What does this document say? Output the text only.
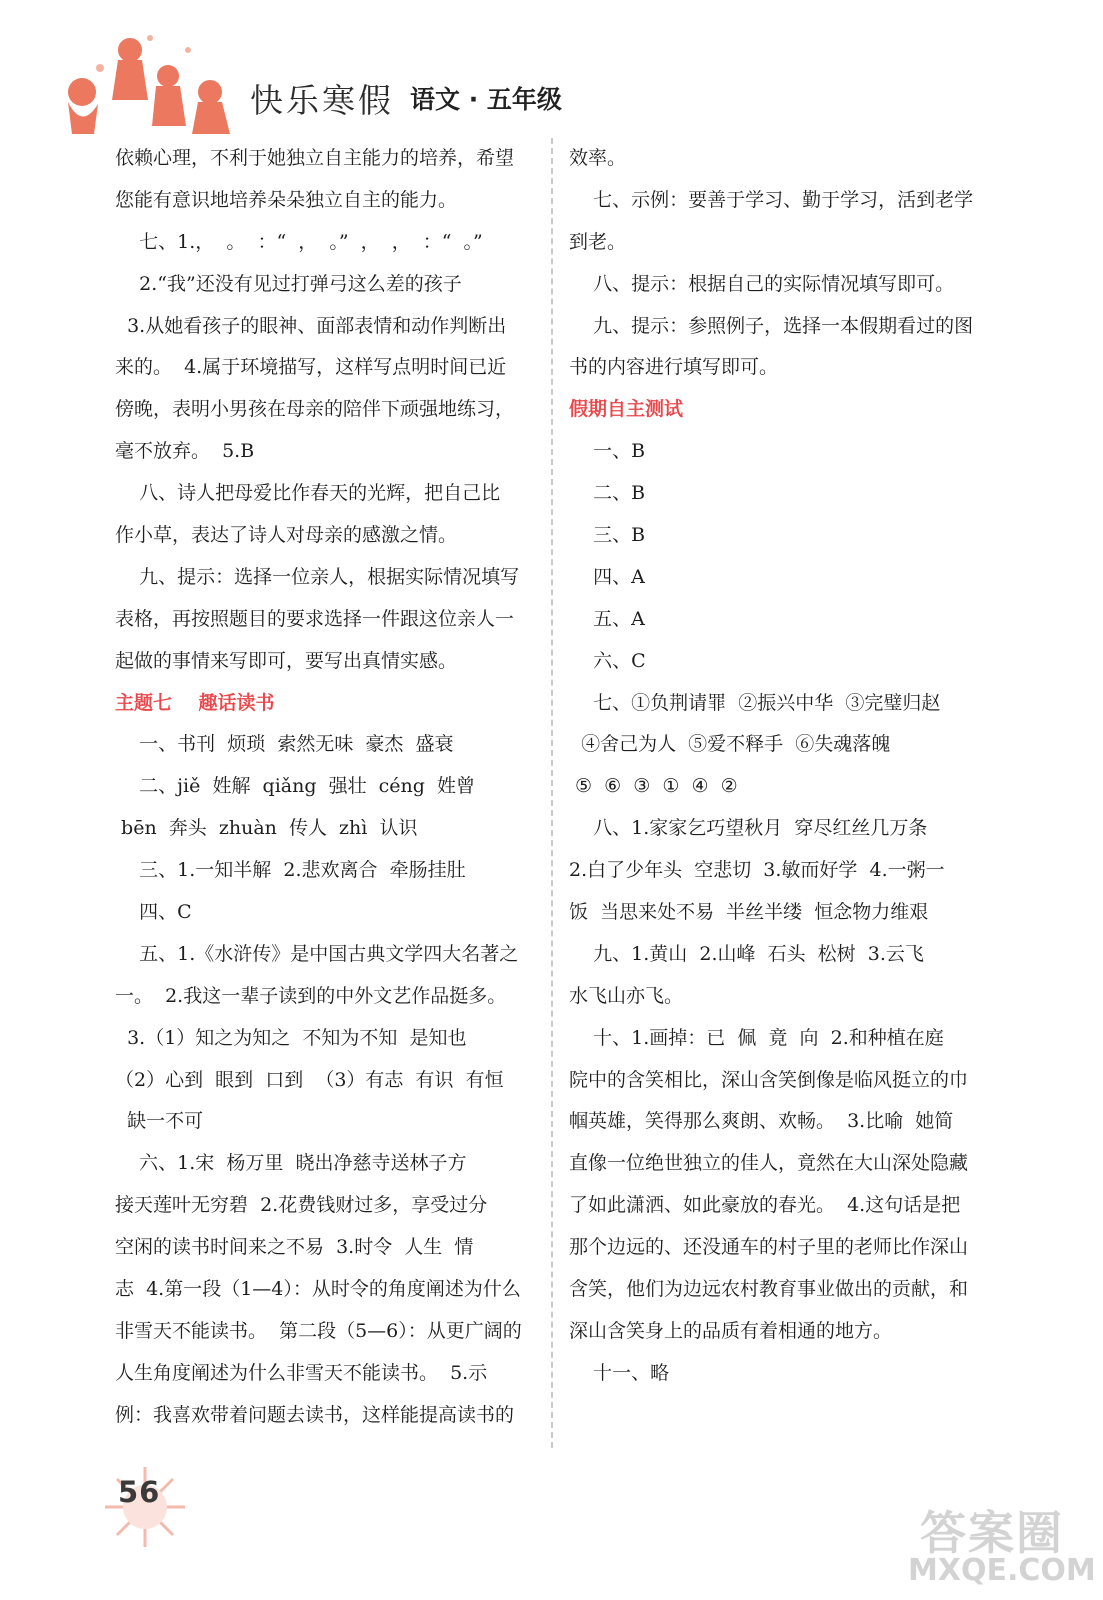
快乐寒假 语文 · 五年级
依赖心理，不利于她独立自主能力的培养，希望
您能有意识地培养朵朵独立自主的能力。
七、1.，  。  ：“  ，  。”  ，  ，  ：“  。”
2.“我”还没有见过打弹弓这么差的孩子
3.从她看孩子的眼神、面部表情和动作判断出
来的。  4.属于环境描写，这样写点明时间已近
傍晚，表明小男孩在母亲的陪伴下顽强地练习，
毫不放弃。  5.B
八、诗人把母爱比作春天的光辉，把自己比
作小草，表达了诗人对母亲的感激之情。
九、提示：选择一位亲人，根据实际情况填写
表格，再按照题目的要求选择一件跟这位亲人一
起做的事情来写即可，要写出真情实感。
主题七    趣话读书
一、书刊  烦琐  索然无味  豪杰  盛衰
二、jiě  姓解  qiǎng  强壮  céng  姓曾
bēn  奔头  zhuàn  传人  zhì  认识
三、1.一知半解  2.悲欢离合  牵肠挂肚
四、C
五、1.《水浒传》是中国古典文学四大名著之
一。  2.我这一辈子读到的中外文艺作品挺多。
3.（1）知之为知之  不知为不知  是知也
（2）心到  眼到  口到  （3）有志  有识  有恒
缺一不可
六、1.宋  杨万里  晓出净慈寺送林子方
接天莲叶无穷碧  2.花费钱财过多，享受过分
空闲的读书时间来之不易  3.时令  人生  情
志  4.第一段（1—4）：从时令的角度阐述为什么
非雪天不能读书。  第二段（5—6）：从更广阔的
人生角度阐述为什么非雪天不能读书。  5.示
例：我喜欢带着问题去读书，这样能提高读书的
效率。
七、示例：要善于学习、勤于学习，活到老学
到老。
八、提示：根据自己的实际情况填写即可。
九、提示：参照例子，选择一本假期看过的图
书的内容进行填写即可。
假期自主测试
一、B
二、B
三、B
四、A
五、A
六、C
七、①负荆请罪  ②振兴中华  ③完璧归赵
④舍己为人  ⑤爱不释手  ⑥失魂落魄
⑤  ⑥  ③  ①  ④  ②
八、1.家家乞巧望秋月  穿尽红丝几万条
2.白了少年头  空悲切  3.敏而好学  4.一粥一
饭  当思来处不易  半丝半缕  恒念物力维艰
九、1.黄山  2.山峰  石头  松树  3.云飞
水飞山亦飞。
十、1.画掉：已  佩  竟  向  2.和种植在庭
院中的含笑相比，深山含笑倒像是临风挺立的巾
帼英雄，笑得那么爽朗、欢畅。  3.比喻  她简
直像一位绝世独立的佳人，竟然在大山深处隐藏
了如此潇洒、如此豪放的春光。  4.这句话是把
那个边远的、还没通车的村子里的老师比作深山
含笑，他们为边远农村教育事业做出的贡献，和
深山含笑身上的品质有着相通的地方。
十一、略
56
答案圈
MXQE.COM
